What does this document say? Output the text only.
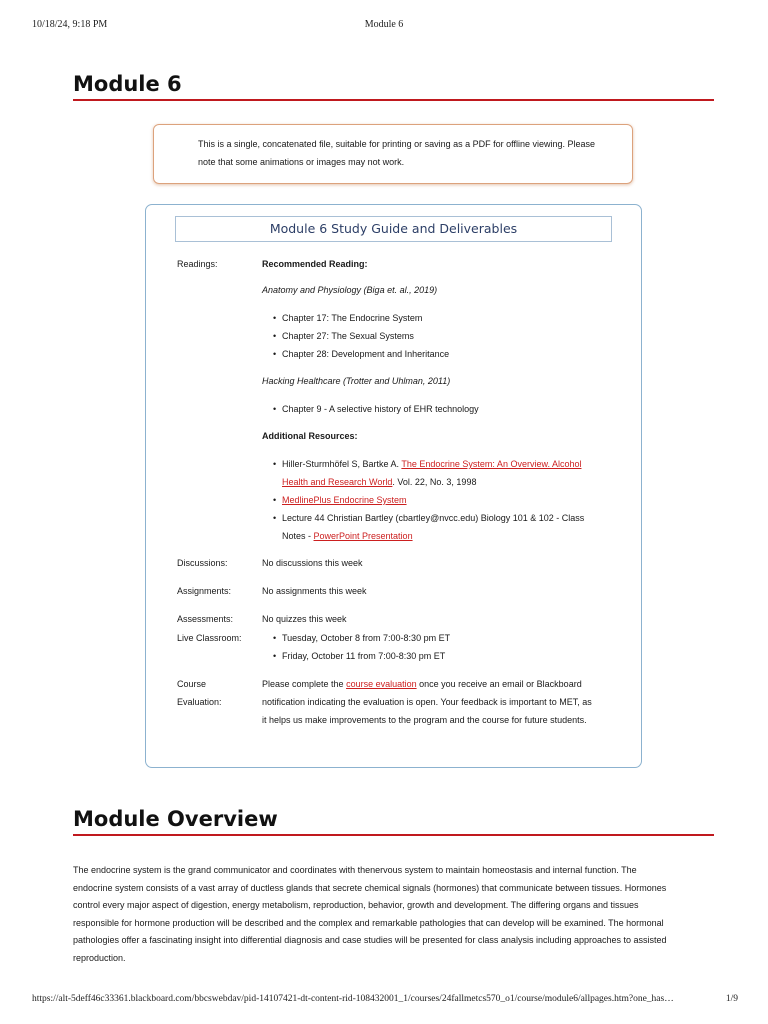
10/18/24, 9:18 PM	Module 6
Module 6
This is a single, concatenated file, suitable for printing or saving as a PDF for offline viewing. Please
note that some animations or images may not work.
Module 6 Study Guide and Deliverables
Readings:	Recommended Reading:
Anatomy and Physiology (Biga et. al., 2019)
• Chapter 17: The Endocrine System
• Chapter 27: The Sexual Systems
• Chapter 28: Development and Inheritance
Hacking Healthcare (Trotter and Uhlman, 2011)
• Chapter 9 - A selective history of EHR technology
Additional Resources:
• Hiller-Sturmhöfel S, Bartke A. The Endocrine System: An Overview. Alcohol
Health and Research World. Vol. 22, No. 3, 1998
• MedlinePlus Endocrine System
• Lecture 44 Christian Bartley (cbartley@nvcc.edu) Biology 101 & 102 - Class
Notes - PowerPoint Presentation
Discussions:	No discussions this week
Assignments:	No assignments this week
Assessments:	No quizzes this week
Live Classroom:
•	Tuesday, October 8 from 7:00-8:30 pm ET
• Friday, October 11 from 7:00-8:30 pm ET
Course
Evaluation:
Please complete the course evaluation once you receive an email or Blackboard
notification indicating the evaluation is open. Your feedback is important to MET, as
it helps us make improvements to the program and the course for future students.
Module Overview
The endocrine system is the grand communicator and coordinates with thenervous system to maintain homeostasis and internal function. The
endocrine system consists of a vast array of ductless glands that secrete chemical signals (hormones) that communicate between tissues. Hormones
control every major aspect of digestion, energy metabolism, reproduction, behavior, growth and development. The differing organs and tissues
responsible for hormone production will be described and the complex and remarkable pathologies that can develop will be examined. The hormonal
pathologies offer a fascinating insight into differential diagnosis and case studies will be presented for class analysis including approaches to assisted
reproduction.
https://alt-5deff46c33361.blackboard.com/bbcswebdav/pid-14107421-dt-content-rid-108432001_1/courses/24fallmetcs570_o1/course/module6/allpages.htm?one_has…	1/9
